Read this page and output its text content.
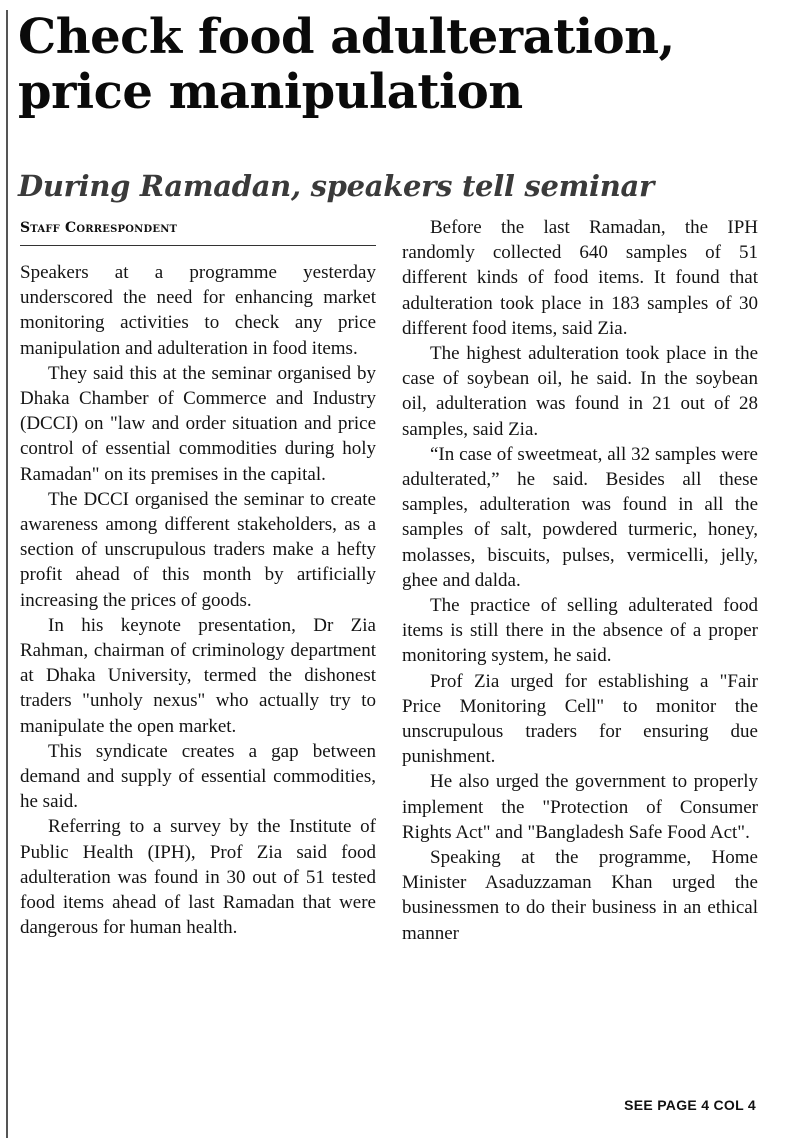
Check food adulteration, price manipulation
During Ramadan, speakers tell seminar
Staff Correspondent

Speakers at a programme yesterday underscored the need for enhancing market monitoring activities to check any price manipulation and adulteration in food items.

They said this at the seminar organised by Dhaka Chamber of Commerce and Industry (DCCI) on "law and order situation and price control of essential commodities during holy Ramadan" on its premises in the capital.

The DCCI organised the seminar to create awareness among different stakeholders, as a section of unscrupulous traders make a hefty profit ahead of this month by artificially increasing the prices of goods.

In his keynote presentation, Dr Zia Rahman, chairman of criminology department at Dhaka University, termed the dishonest traders "unholy nexus" who actually try to manipulate the open market.

This syndicate creates a gap between demand and supply of essential commodities, he said.

Referring to a survey by the Institute of Public Health (IPH), Prof Zia said food adulteration was found in 30 out of 51 tested food items ahead of last Ramadan that were dangerous for human health.

Before the last Ramadan, the IPH randomly collected 640 samples of 51 different kinds of food items. It found that adulteration took place in 183 samples of 30 different food items, said Zia.

The highest adulteration took place in the case of soybean oil, he said. In the soybean oil, adulteration was found in 21 out of 28 samples, said Zia.

“In case of sweetmeat, all 32 samples were adulterated,” he said. Besides all these samples, adulteration was found in all the samples of salt, powdered turmeric, honey, molasses, biscuits, pulses, vermicelli, jelly, ghee and dalda.

The practice of selling adulterated food items is still there in the absence of a proper monitoring system, he said.

Prof Zia urged for establishing a "Fair Price Monitoring Cell" to monitor the unscrupulous traders for ensuring due punishment.

He also urged the government to properly implement the "Protection of Consumer Rights Act" and "Bangladesh Safe Food Act".

Speaking at the programme, Home Minister Asaduzzaman Khan urged the businessmen to do their business in an ethical manner

SEE PAGE 4 COL 4
